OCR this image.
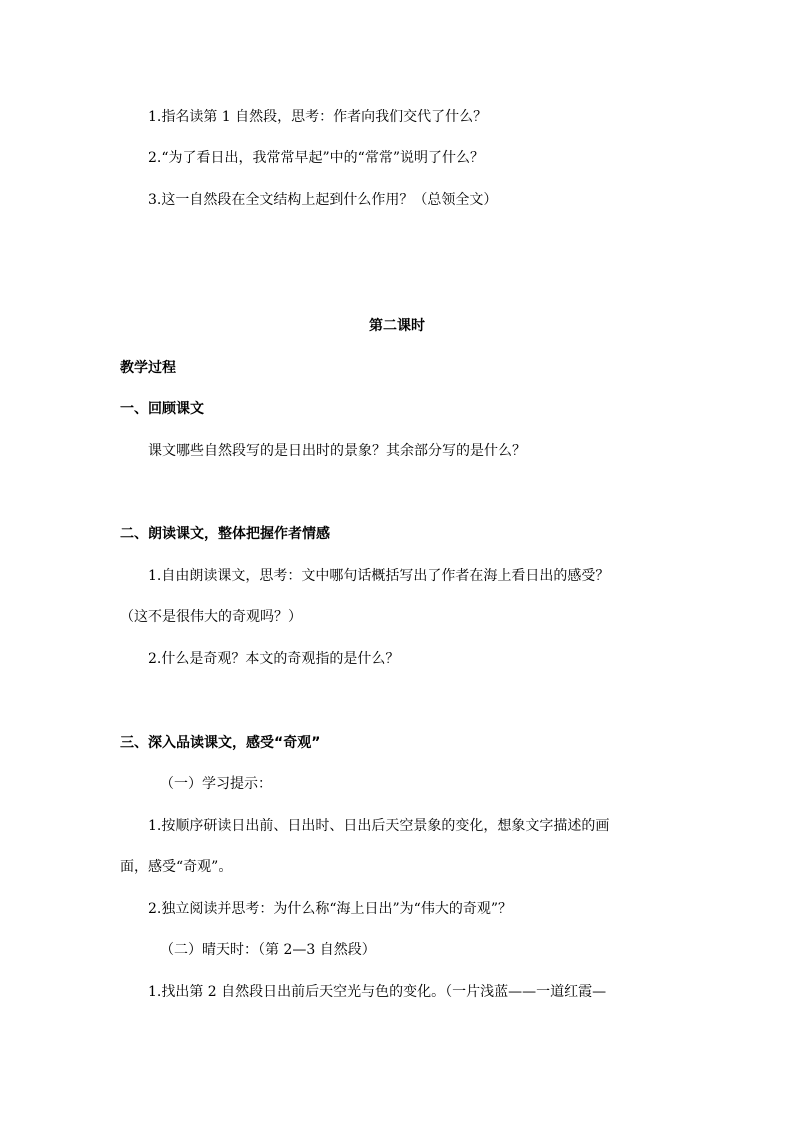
1.指名读第 1 自然段，思考：作者向我们交代了什么？
2.“为了看日出，我常常早起”中的“常常”说明了什么？
3.这一自然段在全文结构上起到什么作用？（总领全文）
第二课时
教学过程
一、回顾课文
课文哪些自然段写的是日出时的景象？其余部分写的是什么？
二、朗读课文，整体把握作者情感
1.自由朗读课文，思考：文中哪句话概括写出了作者在海上看日出的感受？
（这不是很伟大的奇观吗？）
2.什么是奇观？本文的奇观指的是什么？
三、深入品读课文，感受“奇观”
（一）学习提示：
1.按顺序研读日出前、日出时、日出后天空景象的变化，想象文字描述的画
面，感受“奇观”。
2.独立阅读并思考：为什么称“海上日出”为“伟大的奇观”？
（二）晴天时：（第 2—3 自然段）
1.找出第 2 自然段日出前后天空光与色的变化。（一片浅蓝——一道红霞—
